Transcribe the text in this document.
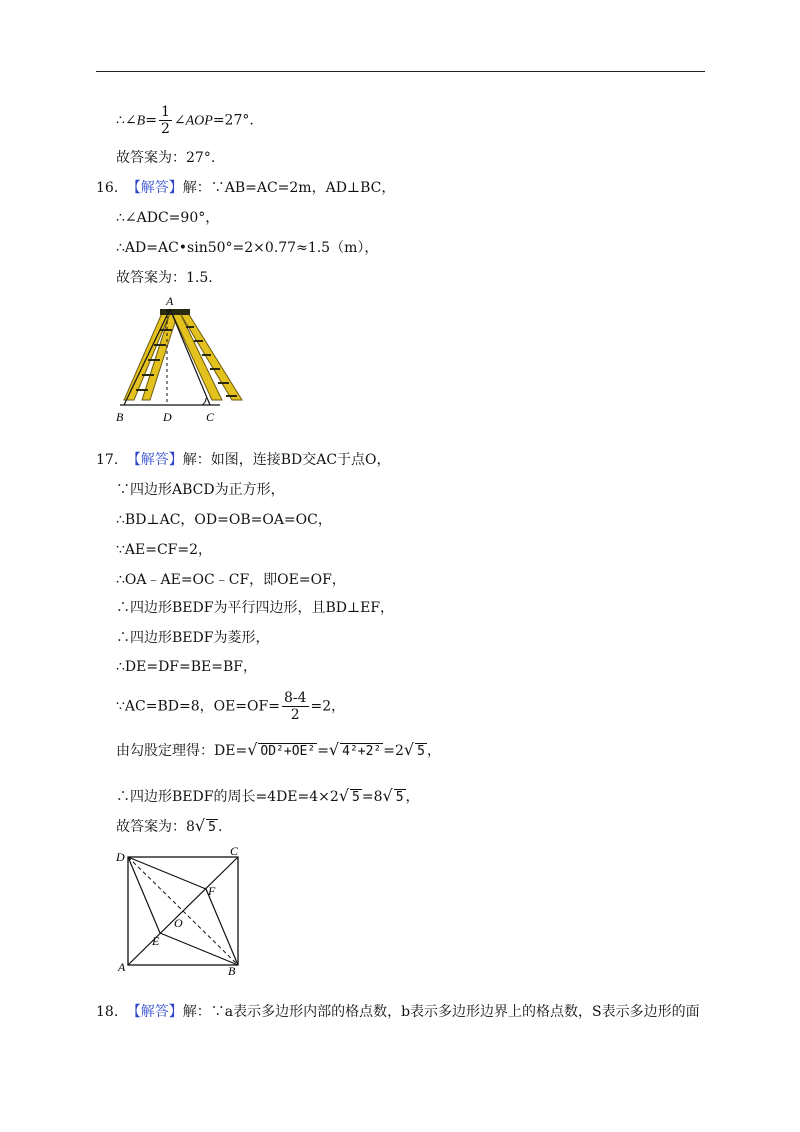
∴∠B= $\frac{1}{2}$ ∠AOP=27°.
故答案为：27°.
16. 【解答】解：∵AB=AC=2m，AD⊥BC，
∴∠ADC=90°，
∴AD=AC•sin50°=2×0.77≈1.5（m），
故答案为：1.5.
A
B	D	C
17. 【解答】解：如图，连接BD交AC于点O，
∵四边形ABCD为正方形，
∴BD⊥AC，OD=OB=OA=OC，
∵AE=CF=2，
∴OA﹣AE=OC﹣CF，即OE=OF，
∴四边形BEDF为平行四边形，且BD⊥EF，
∴四边形BEDF为菱形，
∴DE=DF=BE=BF，
∵AC=BD=8，$OE=OF= \frac{8-4}{2} =2$，
由勾股定理得：DE=√ OD²+OE² =√ 4²+2² =2√ 5 ，
∴四边形BEDF的周长=4DE=4×2√ 5 =8√ 5 ，
故答案为：8√ 5 .
D	C
F
O
E
A	B
18. 【解答】解：∵a表示多边形内部的格点数，b表示多边形边界上的格点数，S表示多边形的面
